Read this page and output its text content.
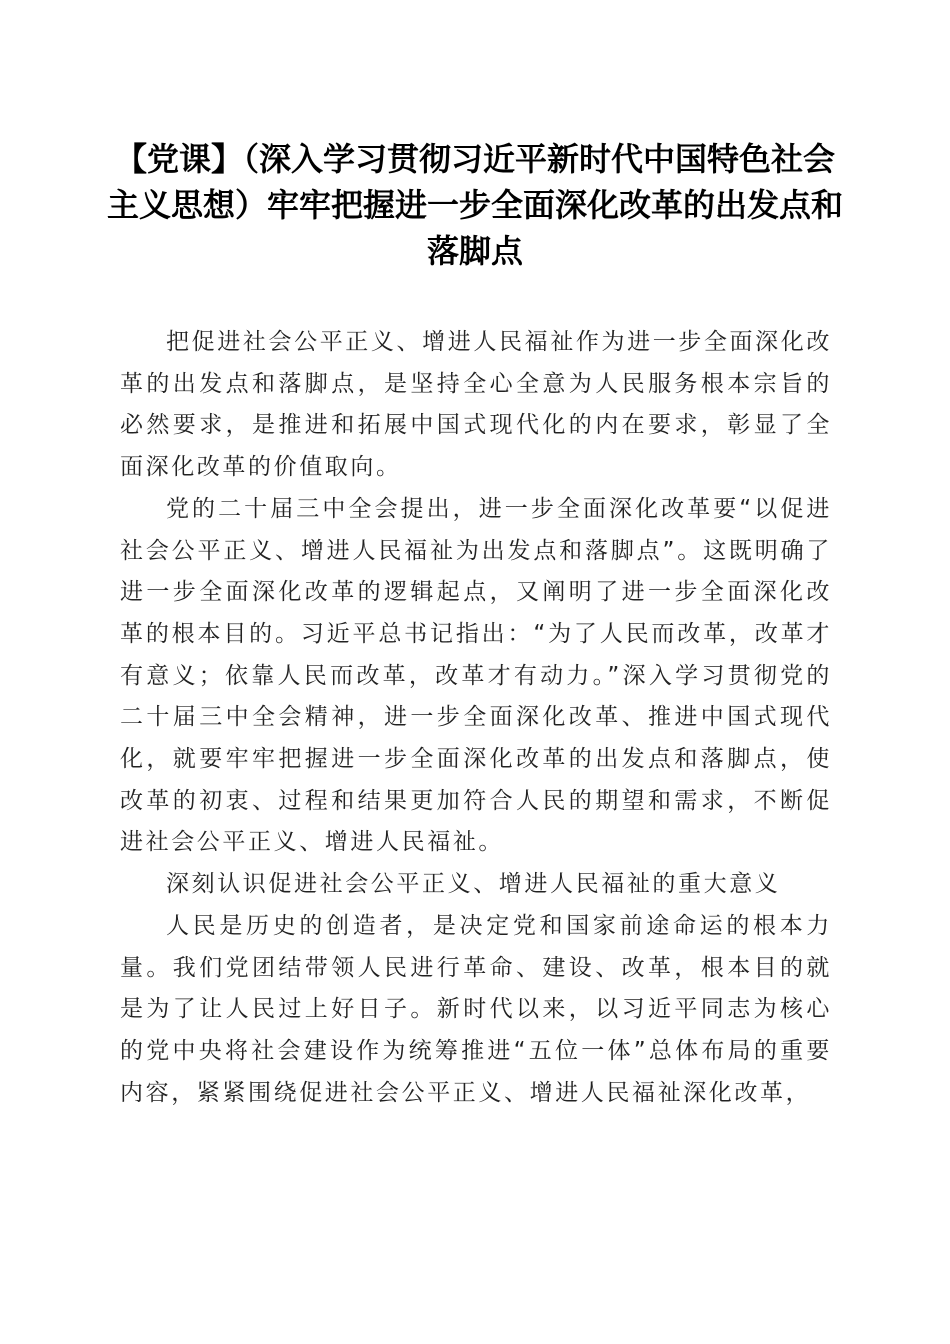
【党课】（深入学习贯彻习近平新时代中国特色社会主义思想）牢牢把握进一步全面深化改革的出发点和落脚点

把促进社会公平正义、增进人民福祉作为进一步全面深化改革的出发点和落脚点，是坚持全心全意为人民服务根本宗旨的必然要求，是推进和拓展中国式现代化的内在要求，彰显了全面深化改革的价值取向。

党的二十届三中全会提出，进一步全面深化改革要“以促进社会公平正义、增进人民福祉为出发点和落脚点”。这既明确了进一步全面深化改革的逻辑起点，又阐明了进一步全面深化改革的根本目的。习近平总书记指出：“为了人民而改革，改革才有意义；依靠人民而改革，改革才有动力。”深入学习贯彻党的二十届三中全会精神，进一步全面深化改革、推进中国式现代化，就要牢牢把握进一步全面深化改革的出发点和落脚点，使改革的初衷、过程和结果更加符合人民的期望和需求，不断促进社会公平正义、增进人民福祉。

深刻认识促进社会公平正义、增进人民福祉的重大意义

人民是历史的创造者，是决定党和国家前途命运的根本力量。我们党团结带领人民进行革命、建设、改革，根本目的就是为了让人民过上好日子。新时代以来，以习近平同志为核心的党中央将社会建设作为统筹推进“五位一体”总体布局的重要内容，紧紧围绕促进社会公平正义、增进人民福祉深化改革，
